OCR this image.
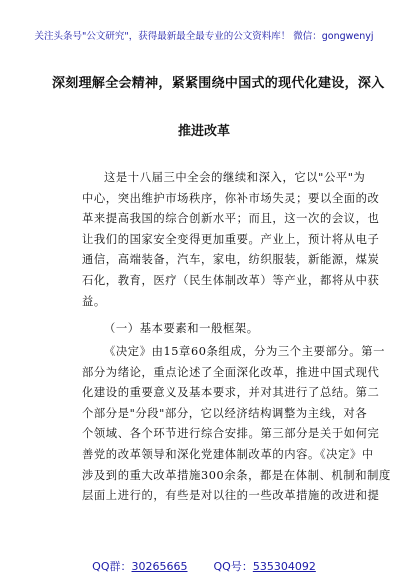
关注头条号"公文研究"，获得最新最全最专业的公文资料库！ 微信：gongwenyj
深刻理解全会精神，紧紧围绕中国式的现代化建设，深入
推进改革
这是十八届三中全会的继续和深入，它以"公平"为
中心，突出维护市场秩序，你补市场失灵；要以全面的改
革来提高我国的综合创新水平；而且，这一次的会议，也
让我们的国家安全变得更加重要。产业上，预计将从电子
通信，高端装备，汽车，家电，纺织服装，新能源，煤炭
石化，教育，医疗（民生体制改革）等产业，都将从中获
益。
（一）基本要素和一般框架。
《决定》由15章60条组成，分为三个主要部分。第一
部分为绪论，重点论述了全面深化改革，推进中国式现代
化建设的重要意义及基本要求，并对其进行了总结。第二
个部分是"分段"部分，它以经济结构调整为主线，对各
个领域、各个环节进行综合安排。第三部分是关于如何完
善党的改革领导和深化党建体制改革的内容。《决定》中
涉及到的重大改革措施300余条，都是在体制、机制和制度
层面上进行的，有些是对以往的一些改革措施的改进和提
QQ群：30265665 QQ号：535304092
